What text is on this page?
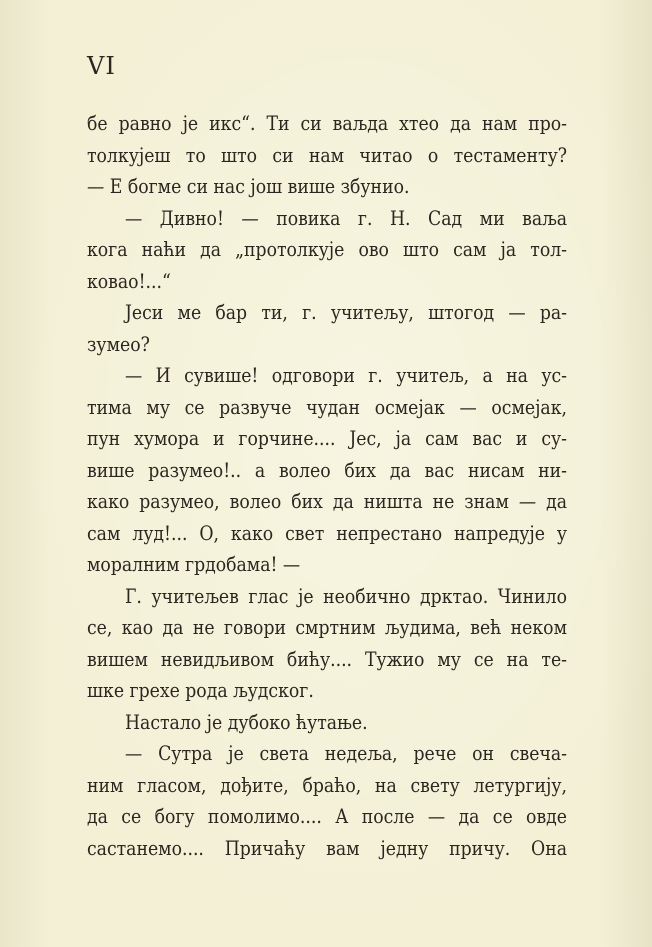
VI
бе равно је икс“. Ти си ваљда хтео да нам про-
толкујеш то што си нам читао о тестаменту?
— Е богме си нас још више збунио.
— Дивно! — повика г. Н. Сад ми ваља
кога наћи да „протолкује ово што сам ја тол-
ковао!...“
Јеси ме бар ти, г. учитељу, штогод — ра-
зумео?
— И сувише! одговори г. учитељ, а на ус-
тима му се развуче чудан осмејак — осмејак,
пун хумора и горчине.... Јес, ја сам вас и су-
више разумео!.. а волео бих да вас нисам ни-
како разумео, волео бих да ништа не знам — да
сам луд!... О, како свет непрестано напредује у
моралним грдобама! —
Г. учитељев глас је необично дрктао. Чинило
се, као да не говори смртним људима, већ неком
вишем невидљивом бићу.... Тужио му се на те-
шке грехе рода људског.
Настало је дубоко ћутање.
— Сутра је света недеља, рече он свеча-
ним гласом, дођите, браћо, на свету летургију,
да се богу помолимо.... А после — да се овде
састанемо.... Причаћу вам једну причу. Она
